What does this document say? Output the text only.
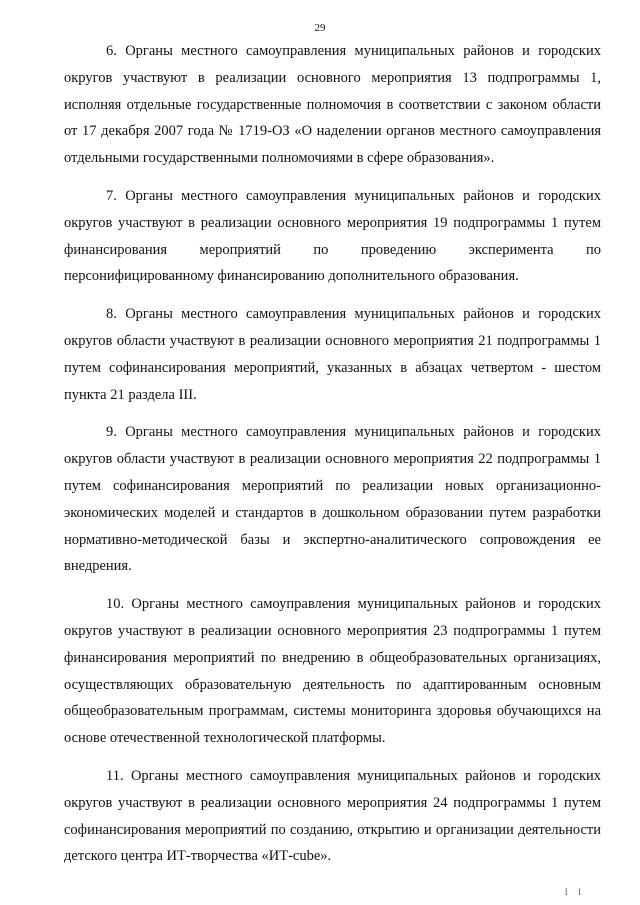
29

6. Органы местного самоуправления муниципальных районов и городских округов участвуют в реализации основного мероприятия 13 подпрограммы 1, исполняя отдельные государственные полномочия в соответствии с законом области от 17 декабря 2007 года № 1719-ОЗ «О наделении органов местного самоуправления отдельными государственными полномочиями в сфере образования».

7. Органы местного самоуправления муниципальных районов и городских округов участвуют в реализации основного мероприятия 19 подпрограммы 1 путем финансирования мероприятий по проведению эксперимента по персонифицированному финансированию дополнительного образования.

8. Органы местного самоуправления муниципальных районов и городских округов области участвуют в реализации основного мероприятия 21 подпрограммы 1 путем софинансирования мероприятий, указанных в абзацах четвертом - шестом пункта 21 раздела III.

9. Органы местного самоуправления муниципальных районов и городских округов области участвуют в реализации основного мероприятия 22 подпрограммы 1 путем софинансирования мероприятий по реализации новых организационно-экономических моделей и стандартов в дошкольном образовании путем разработки нормативно-методической базы и экспертно-аналитического сопровождения ее внедрения.

10. Органы местного самоуправления муниципальных районов и городских округов участвуют в реализации основного мероприятия 23 подпрограммы 1 путем финансирования мероприятий по внедрению в общеобразовательных организациях, осуществляющих образовательную деятельность по адаптированным основным общеобразовательным программам, системы мониторинга здоровья обучающихся на основе отечественной технологической платформы.

11. Органы местного самоуправления муниципальных районов и городских округов участвуют в реализации основного мероприятия 24 подпрограммы 1 путем софинансирования мероприятий по созданию, открытию и организации деятельности детского центра ИТ-творчества «ИТ-cube».

I I
